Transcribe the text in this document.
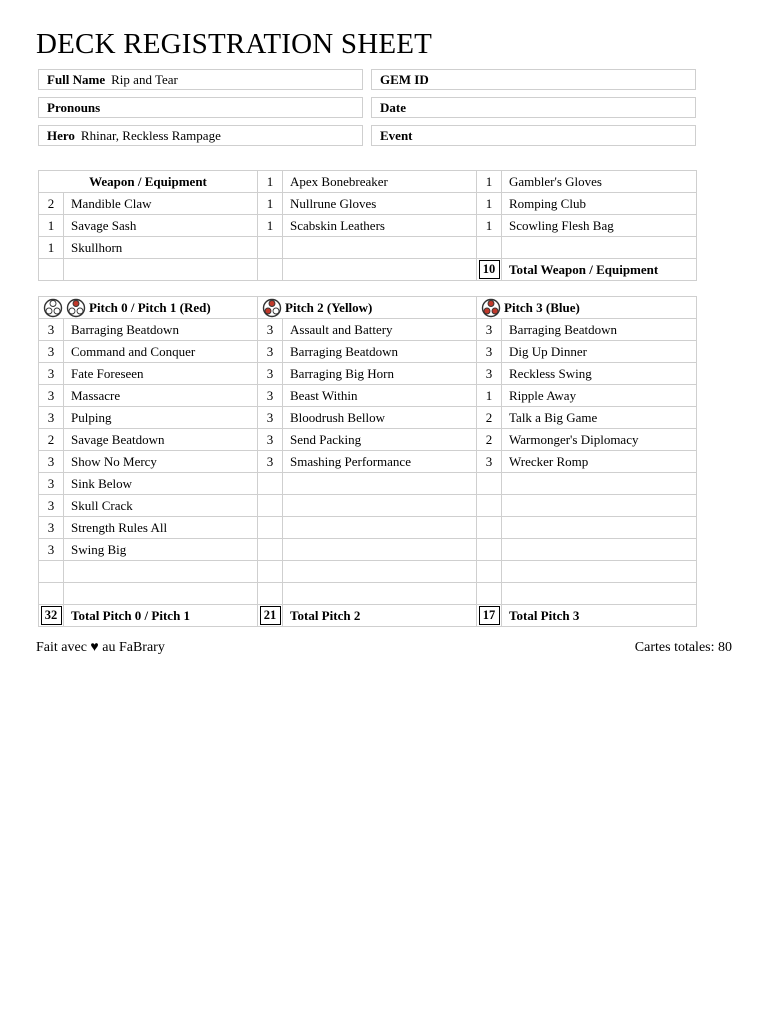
DECK REGISTRATION SHEET
Full Name Rip and Tear	GEM ID
Pronouns	Date
Hero Rhinar, Reckless Rampage	Event
Weapon / Equipment		1	Apex Bonebreaker	1	Gambler's Gloves
2	Mandible Claw	1	Nullrune Gloves	1	Romping Club
1	Savage Sash	1	Scabskin Leathers	1	Scowling Flesh Bag
1	Skullhorn				
				10	Total Weapon / Equipment
Pitch 0 / Pitch 1 (Red)		Pitch 2 (Yellow)		Pitch 3 (Blue)	

3	Barraging Beatdown	3	Assault and Battery	3	Barraging Beatdown
3	Command and Conquer	3	Barraging Beatdown	3	Dig Up Dinner
3	Fate Foreseen	3	Barraging Big Horn	3	Reckless Swing
3	Massacre	3	Beast Within	1	Ripple Away
3	Pulping	3	Bloodrush Bellow	2	Talk a Big Game
2	Savage Beatdown	3	Send Packing	2	Warmonger's Diplomacy
3	Show No Mercy	3	Smashing Performance	3	Wrecker Romp
3	Sink Below				
3	Skull Crack				
3	Strength Rules All				
3	Swing Big				

32	Total Pitch 0 / Pitch 1	21	Total Pitch 2	17	Total Pitch 3
Fait avec ♥ au FaBrary	Cartes totales: 80
